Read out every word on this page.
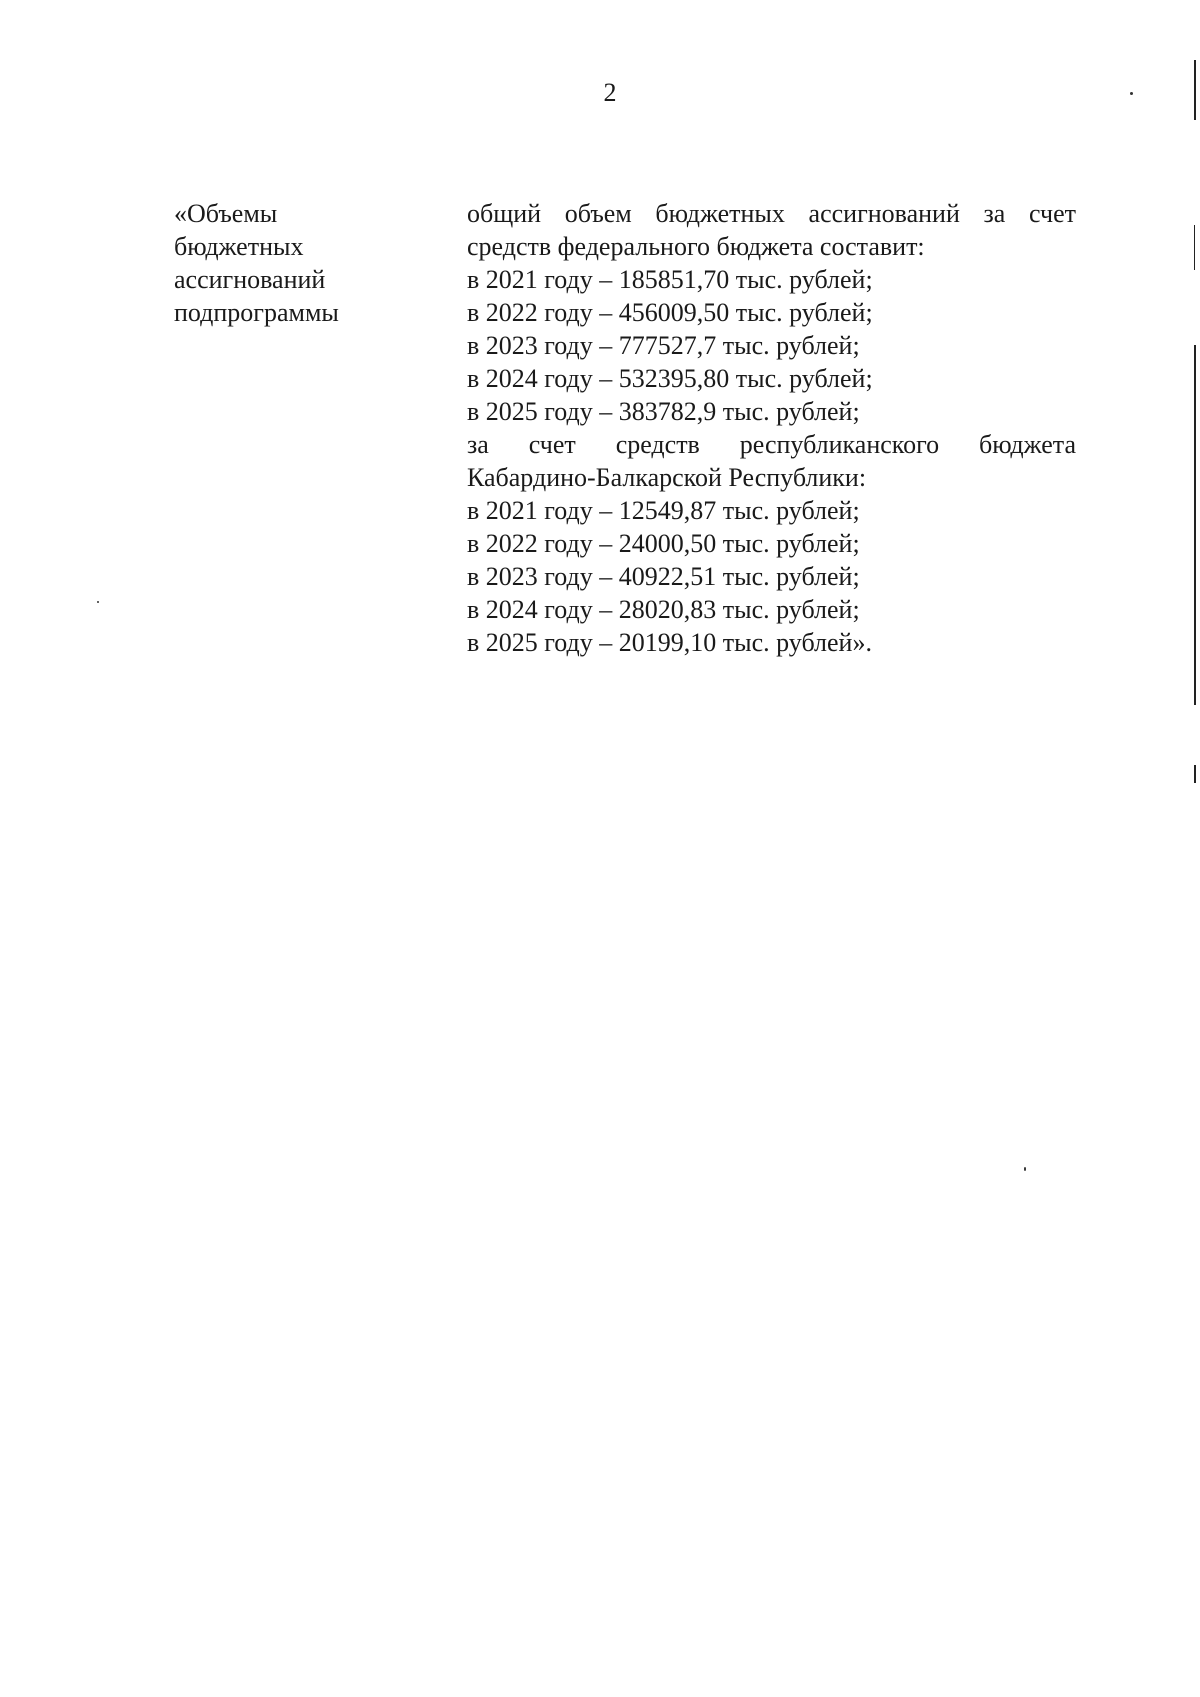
2
«Объемы
бюджетных
ассигнований
подпрограммы
общий объем бюджетных ассигнований за счет
средств федерального бюджета составит:
в 2021 году – 185851,70 тыс. рублей;
в 2022 году – 456009,50 тыс. рублей;
в 2023 году – 777527,7 тыс. рублей;
в 2024 году – 532395,80 тыс. рублей;
в 2025 году – 383782,9 тыс. рублей;
за счет средств республиканского бюджета
Кабардино-Балкарской Республики:
в 2021 году – 12549,87 тыс. рублей;
в 2022 году – 24000,50 тыс. рублей;
в 2023 году – 40922,51 тыс. рублей;
в 2024 году – 28020,83 тыс. рублей;
в 2025 году – 20199,10 тыс. рублей».
